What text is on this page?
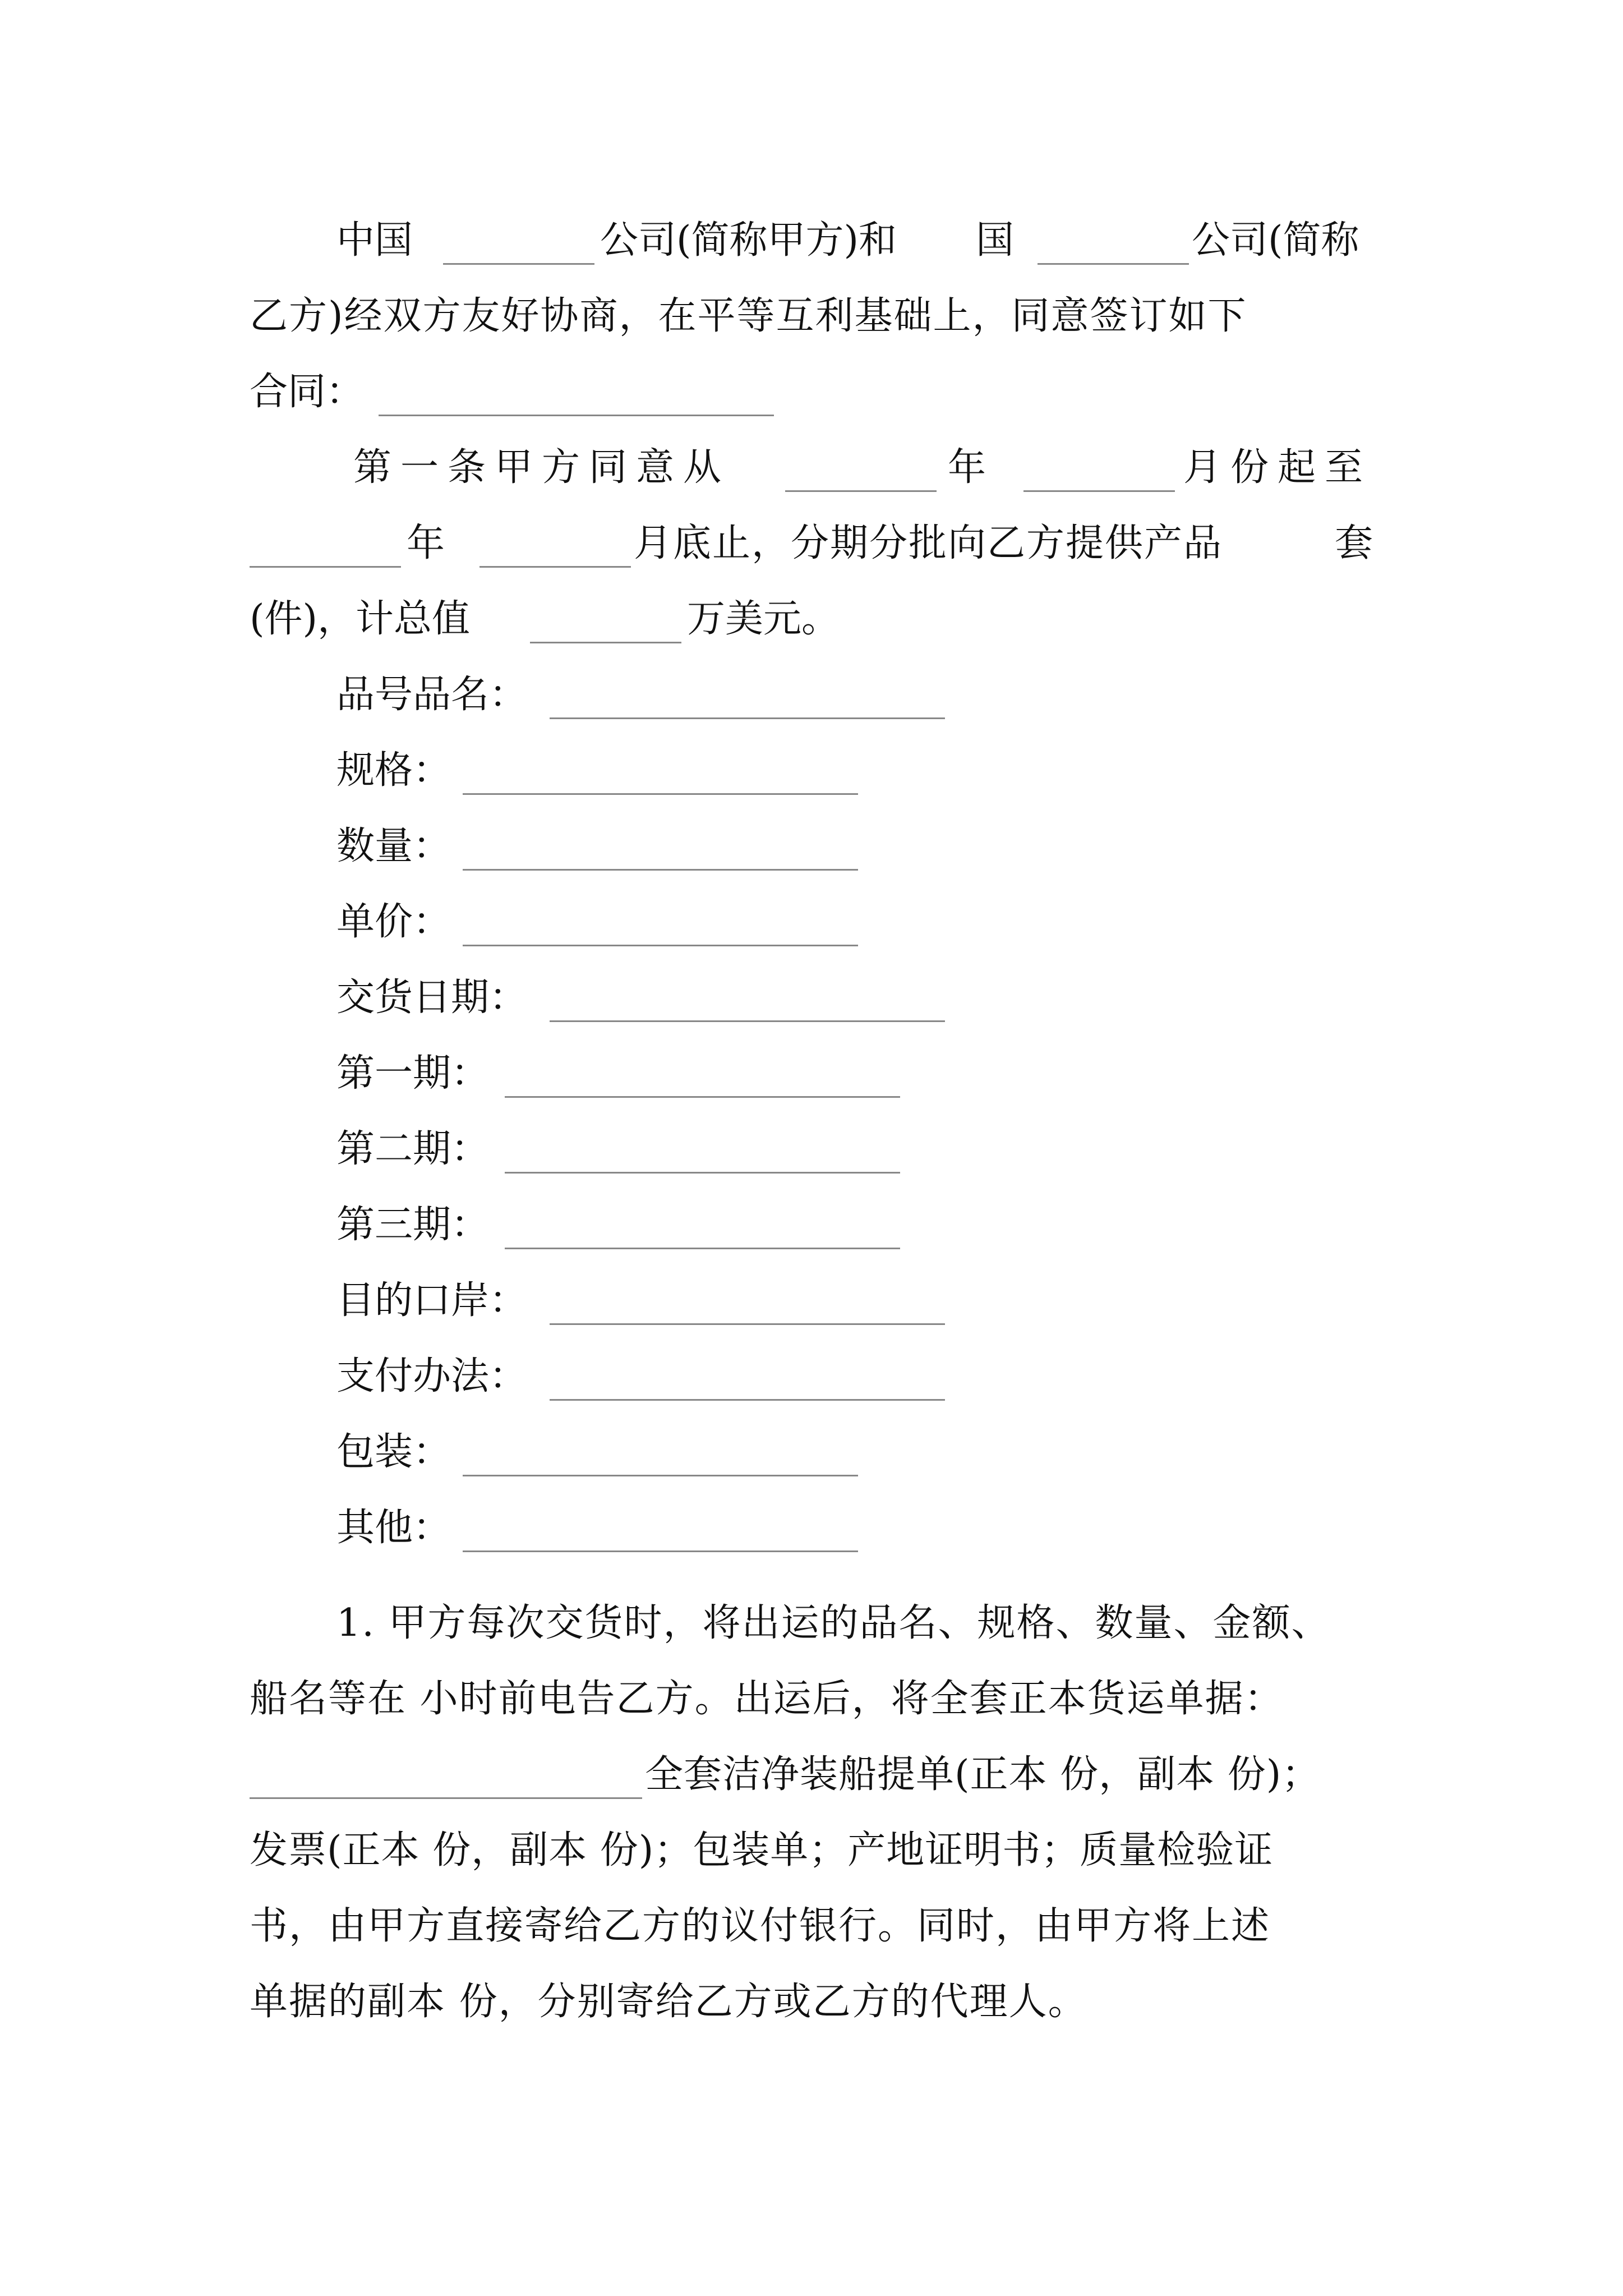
中国	公司(简称甲方)和 国	公司(简称
乙方)经双方友好协商，在平等互利基础上，同意签订如下
合同：
第一条甲方同意从	年	月份起至
年	月底止，分期分批向乙方提供产品	套
(件)，计总值	万美元。
品号品名：
规格：
数量：
单价：
交货日期：
第一期：
第二期：
第三期：
目的口岸：
支付办法：
包装：
其他：
1. 甲方每次交货时，将出运的品名、规格、数量、金额、
船名等在 小时前电告乙方。出运后，将全套正本货运单据：
全套洁净装船提单(正本 份，副本 份)；
发票(正本 份，副本 份)；包装单；产地证明书；质量检验证
书，由甲方直接寄给乙方的议付银行。同时，由甲方将上述
单据的副本 份，分别寄给乙方或乙方的代理人。
